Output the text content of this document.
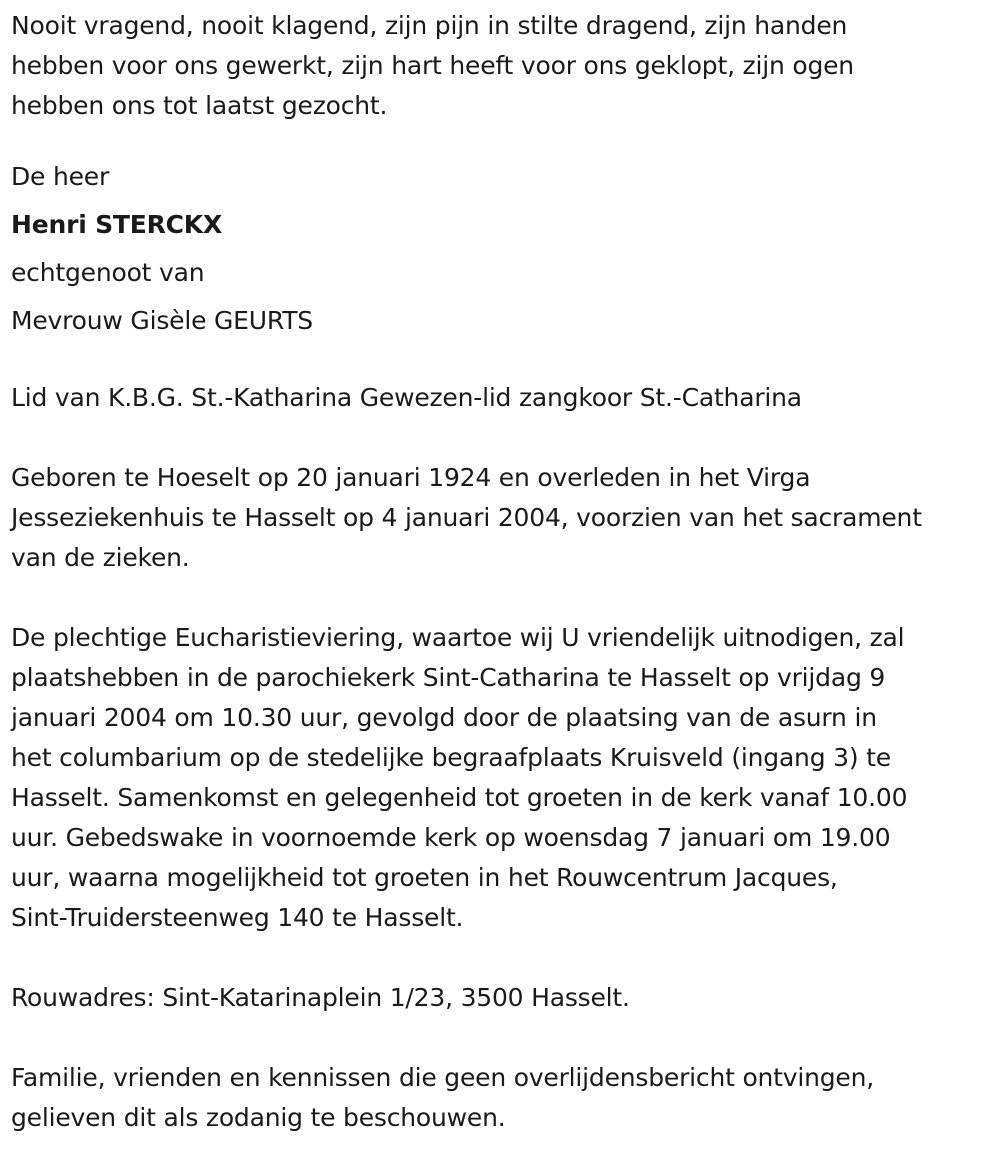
Nooit vragend, nooit klagend, zijn pijn in stilte dragend, zijn handen
hebben voor ons gewerkt, zijn hart heeft voor ons geklopt, zijn ogen
hebben ons tot laatst gezocht.

De heer
Henri STERCKX
echtgenoot van
Mevrouw Gisèle GEURTS

Lid van K.B.G. St.-Katharina Gewezen-lid zangkoor St.-Catharina

Geboren te Hoeselt op 20 januari 1924 en overleden in het Virga
Jesseziekenhuis te Hasselt op 4 januari 2004, voorzien van het sacrament
van de zieken.

De plechtige Eucharistieviering, waartoe wij U vriendelijk uitnodigen, zal
plaatshebben in de parochiekerk Sint-Catharina te Hasselt op vrijdag 9
januari 2004 om 10.30 uur, gevolgd door de plaatsing van de asurn in
het columbarium op de stedelijke begraafplaats Kruisveld (ingang 3) te
Hasselt. Samenkomst en gelegenheid tot groeten in de kerk vanaf 10.00
uur. Gebedswake in voornoemde kerk op woensdag 7 januari om 19.00
uur, waarna mogelijkheid tot groeten in het Rouwcentrum Jacques,
Sint-Truidersteenweg 140 te Hasselt.

Rouwadres: Sint-Katarinaplein 1/23, 3500 Hasselt.

Familie, vrienden en kennissen die geen overlijdensbericht ontvingen,
gelieven dit als zodanig te beschouwen.
